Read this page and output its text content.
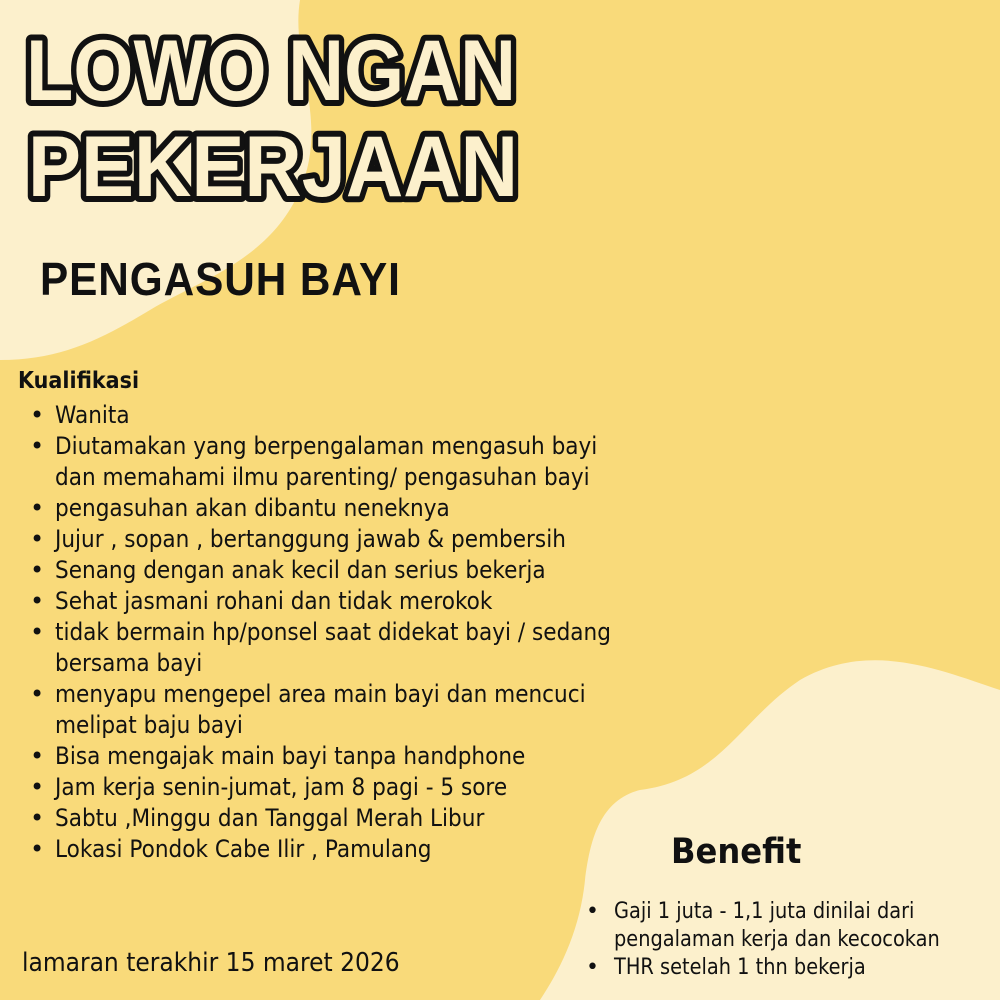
LOWO NGAN
PEKERJAAN
PENGASUH BAYI
Kualifikasi
• Wanita
• Diutamakan yang berpengalaman mengasuh bayi
dan memahami ilmu parenting/ pengasuhan bayi
• pengasuhan akan dibantu neneknya
• Jujur , sopan , bertanggung jawab & pembersih
• Senang dengan anak kecil dan serius bekerja
• Sehat jasmani rohani dan tidak merokok
• tidak bermain hp/ponsel saat didekat bayi / sedang
bersama bayi
• menyapu mengepel area main bayi dan mencuci
melipat baju bayi
• Bisa mengajak main bayi tanpa handphone
• Jam kerja senin-jumat, jam 8 pagi - 5 sore
• Sabtu ,Minggu dan Tanggal Merah Libur
• Lokasi Pondok Cabe Ilir , Pamulang	Benefit
• Gaji 1 juta - 1,1 juta dinilai dari
pengalaman kerja dan kecocokan
• THR setelah 1 thn bekerja
lamaran terakhir 15 maret 2026
